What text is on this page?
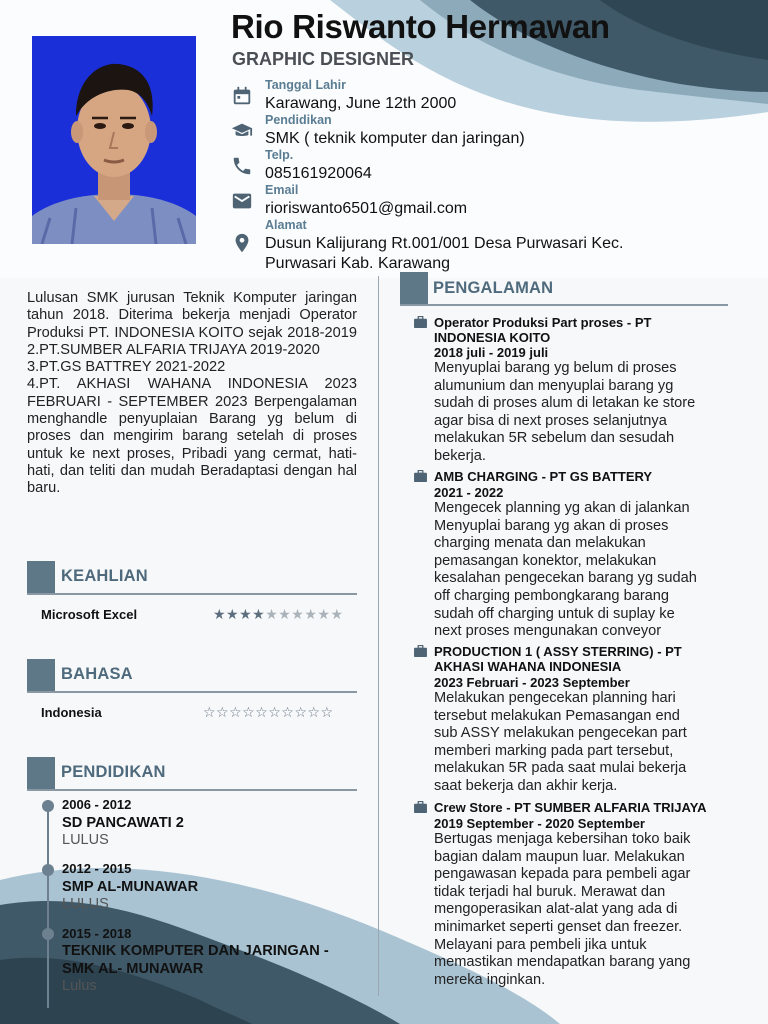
Rio Riswanto Hermawan
GRAPHIC DESIGNER
Tanggal Lahir
Karawang, June 12th 2000
Pendidikan
SMK ( teknik komputer dan jaringan)
Telp.
085161920064
Email
rioriswanto6501@gmail.com
Alamat
Dusun Kalijurang Rt.001/001 Desa Purwasari Kec.
Purwasari Kab. Karawang

Lulusan SMK jurusan Teknik Komputer jaringan tahun 2018. Diterima bekerja menjadi Operator Produksi PT. INDONESIA KOITO sejak 2018-2019 2.PT.SUMBER ALFARIA TRIJAYA 2019-2020

3.PT.GS BATTREY 2021-2022

4.PT. AKHASI WAHANA INDONESIA 2023 FEBRUARI - SEPTEMBER 2023 Berpengalaman menghandle penyuplaian Barang yg belum di proses dan mengirim barang setelah di proses untuk ke next proses, Pribadi yang cermat, hati-hati, dan teliti dan mudah Beradaptasi dengan hal baru.

KEAHLIAN
Microsoft Excel	★★★★★★★★★★
BAHASA
Indonesia	☆☆☆☆☆☆☆☆☆☆
PENDIDIKAN
2006 - 2012
SD PANCAWATI 2
LULUS
2012 - 2015
SMP AL-MUNAWAR
LULUS
2015 - 2018
TEKNIK KOMPUTER DAN JARINGAN -
SMK AL- MUNAWAR
Lulus
PENGALAMAN
Operator Produksi Part proses - PT
INDONESIA KOITO
2018 juli - 2019 juli
Menyuplai barang yg belum di proses
alumunium dan menyuplai barang yg
sudah di proses alum di letakan ke store
agar bisa di next proses selanjutnya
melakukan 5R sebelum dan sesudah
bekerja.
AMB CHARGING - PT GS BATTERY
2021 - 2022
Mengecek planning yg akan di jalankan
Menyuplai barang yg akan di proses
charging menata dan melakukan
pemasangan konektor, melakukan
kesalahan pengecekan barang yg sudah
off charging pembongkarang barang
sudah off charging untuk di suplay ke
next proses mengunakan conveyor
PRODUCTION 1 ( ASSY STERRING) - PT
AKHASI WAHANA INDONESIA
2023 Februari - 2023 September
Melakukan pengecekan planning hari
tersebut melakukan Pemasangan end
sub ASSY melakukan pengecekan part
memberi marking pada part tersebut,
melakukan 5R pada saat mulai bekerja
saat bekerja dan akhir kerja.
Crew Store - PT SUMBER ALFARIA TRIJAYA
2019 September - 2020 September
Bertugas menjaga kebersihan toko baik
bagian dalam maupun luar. Melakukan
pengawasan kepada para pembeli agar
tidak terjadi hal buruk. Merawat dan
mengoperasikan alat-alat yang ada di
minimarket seperti genset dan freezer.
Melayani para pembeli jika untuk
memastikan mendapatkan barang yang
mereka inginkan.
